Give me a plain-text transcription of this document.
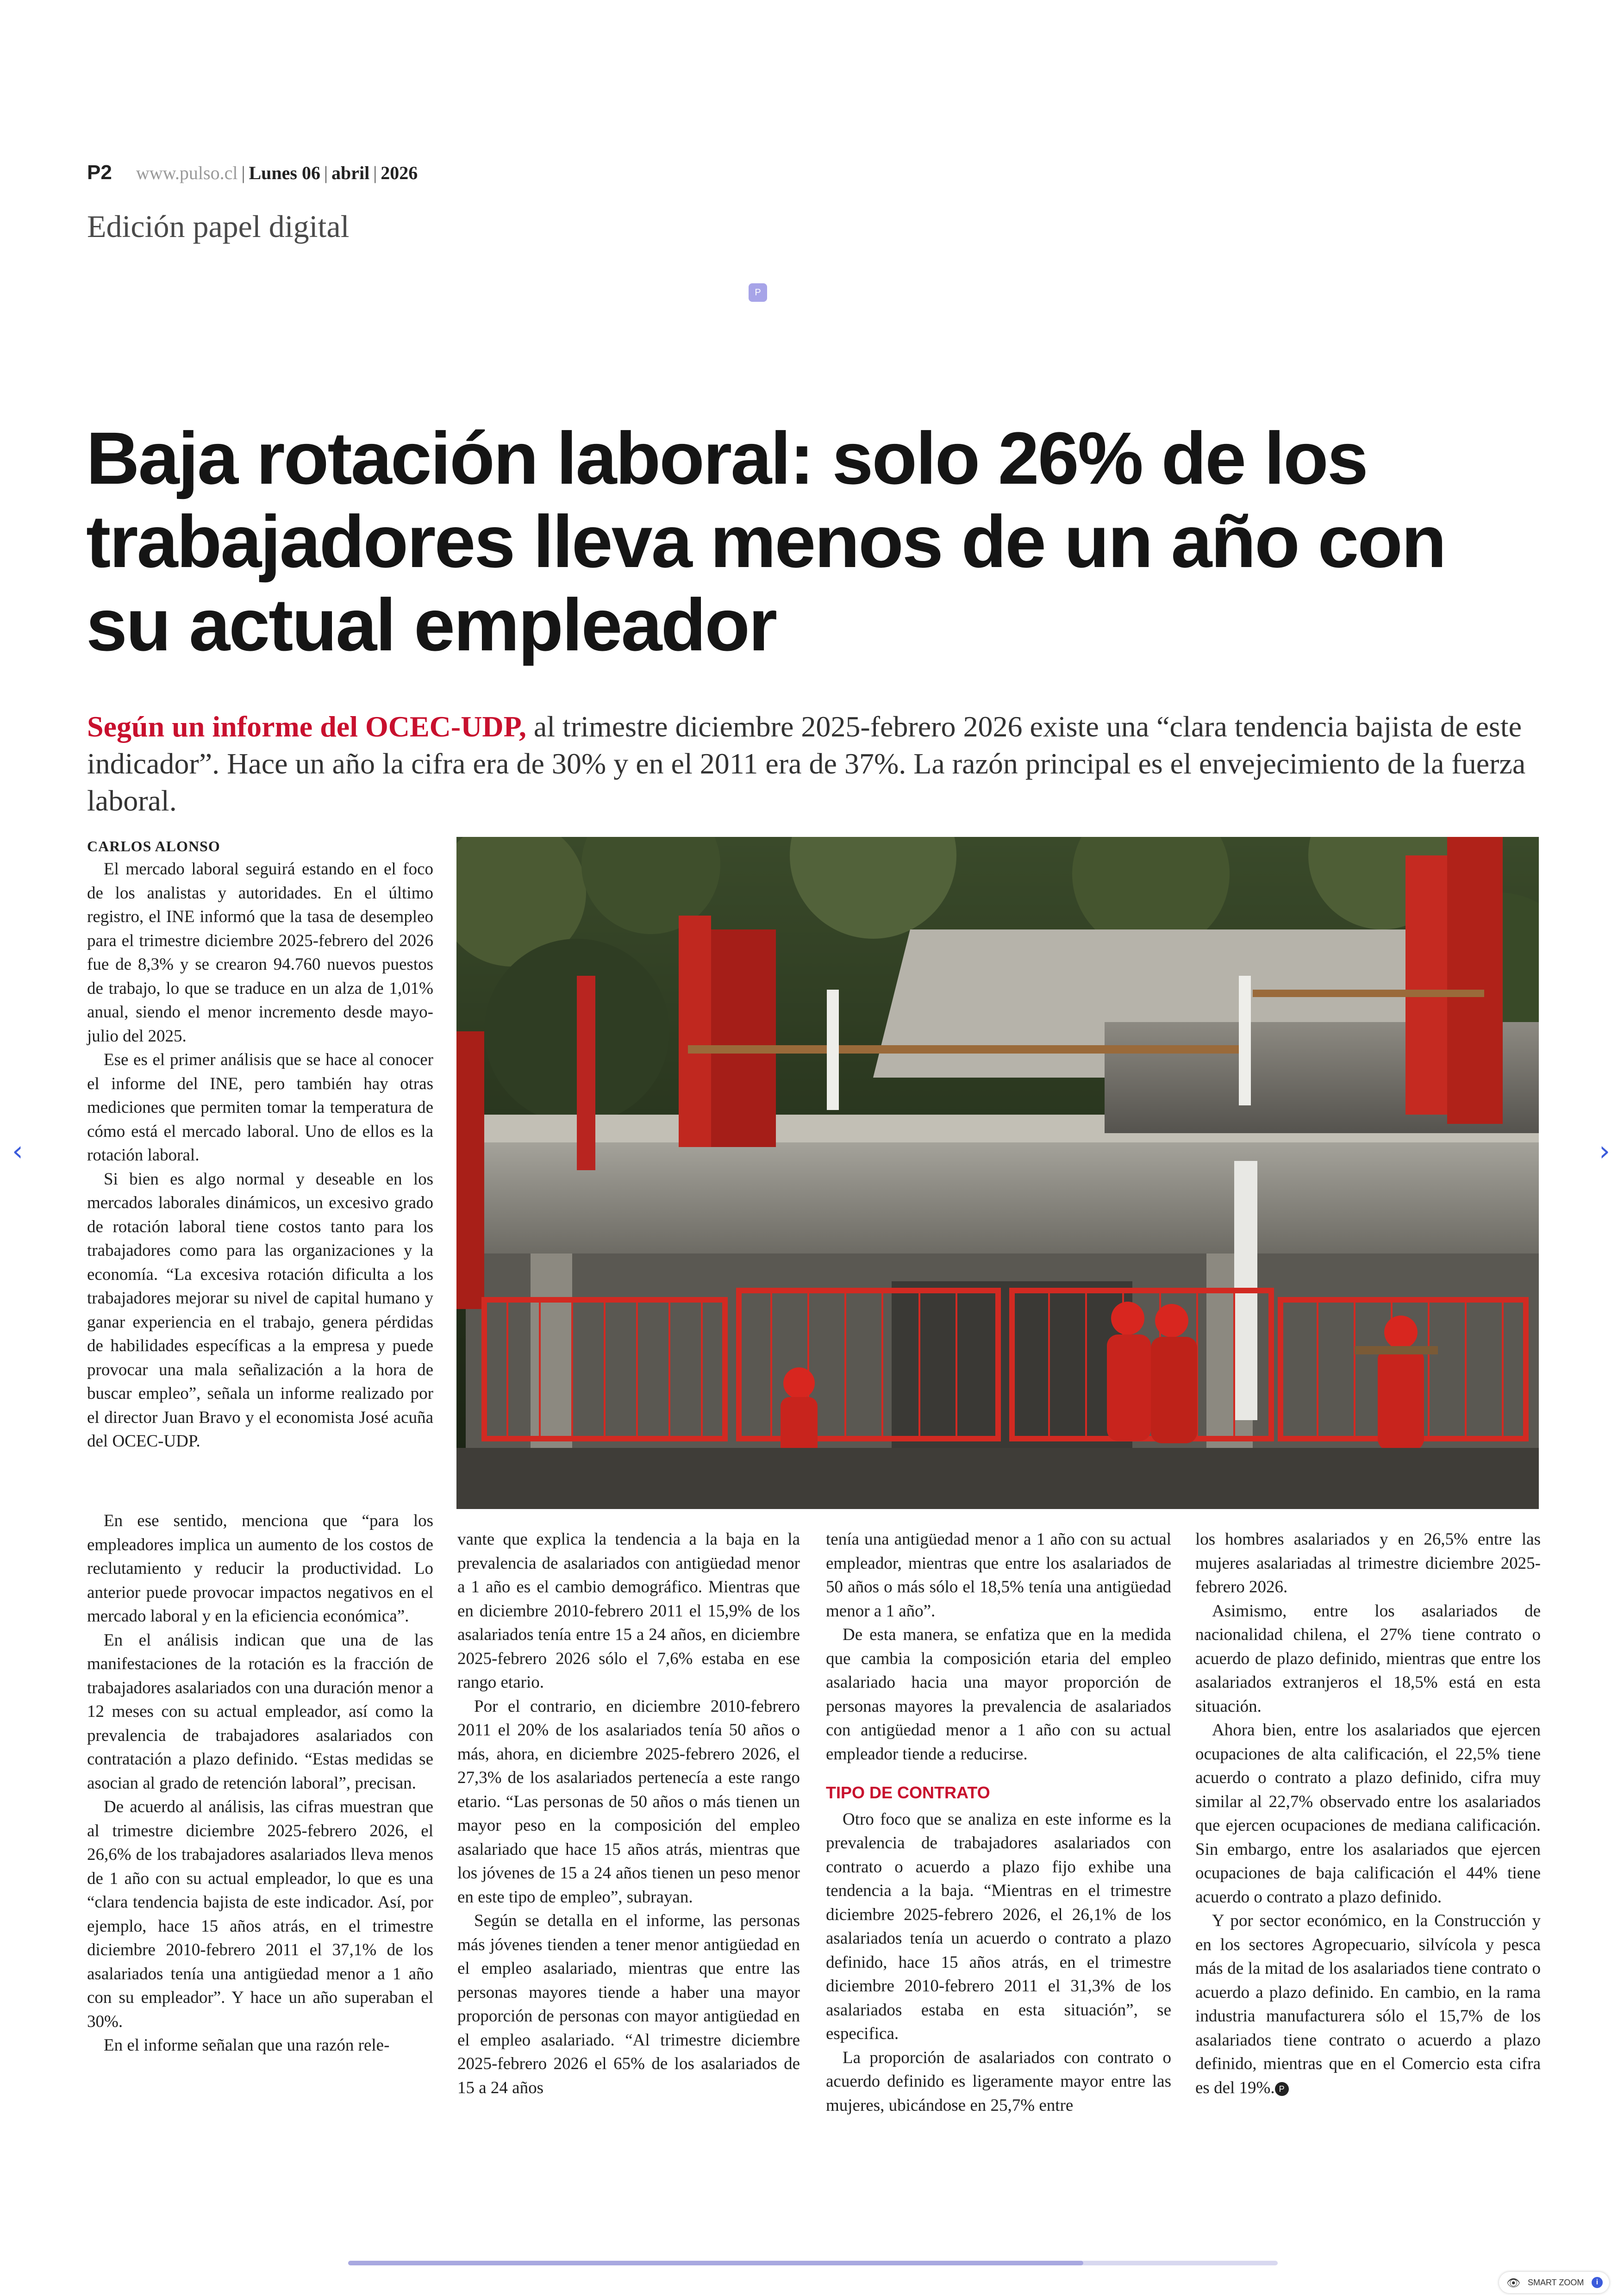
P2 www.pulso.cl | Lunes 06 | abril | 2026
Edición papel digital
P
Baja rotación laboral: solo 26% de los trabajadores lleva menos de un año con su actual empleador

Según un informe del OCEC-UDP, al trimestre diciembre 2025-febrero 2026 existe una “clara tendencia bajista de este indicador”. Hace un año la cifra era de 30% y en el 2011 era de 37%. La razón principal es el envejecimiento de la fuerza laboral.

CARLOS ALONSO

El mercado laboral seguirá estando en el foco de los analistas y autoridades. En el último registro, el INE informó que la tasa de desempleo para el trimestre diciembre 2025-febrero del 2026 fue de 8,3% y se crearon 94.760 nuevos puestos de trabajo, lo que se traduce en un alza de 1,01% anual, siendo el menor incremento desde mayo-julio del 2025.

Ese es el primer análisis que se hace al conocer el informe del INE, pero también hay otras mediciones que permiten tomar la temperatura de cómo está el mercado laboral. Uno de ellos es la rotación laboral.

Si bien es algo normal y deseable en los mercados laborales dinámicos, un excesivo grado de rotación laboral tiene costos tanto para los trabajadores como para las organizaciones y la economía. “La excesiva rotación dificulta a los trabajadores mejorar su nivel de capital humano y ganar experiencia en el trabajo, genera pérdidas de habilidades específicas a la empresa y puede provocar una mala señalización a la hora de buscar empleo”, señala un informe realizado por el director Juan Bravo y el economista José acuña del OCEC-UDP.

En ese sentido, menciona que “para los empleadores implica un aumento de los costos de reclutamiento y reducir la productividad. Lo anterior puede provocar impactos negativos en el mercado laboral y en la eficiencia económica”.

En el análisis indican que una de las manifestaciones de la rotación es la fracción de trabajadores asalariados con una duración menor a 12 meses con su actual empleador, así como la prevalencia de trabajadores asalariados con contratación a plazo definido. “Estas medidas se asocian al grado de retención laboral”, precisan.

De acuerdo al análisis, las cifras muestran que al trimestre diciembre 2025-febrero 2026, el 26,6% de los trabajadores asalariados lleva menos de 1 año con su actual empleador, lo que es una “clara tendencia bajista de este indicador. Así, por ejemplo, hace 15 años atrás, en el trimestre diciembre 2010-febrero 2011 el 37,1% de los asalariados tenía una antigüedad menor a 1 año con su empleador”. Y hace un año superaban el 30%.

En el informe señalan que una razón rele-

vante que explica la tendencia a la baja en la prevalencia de asalariados con antigüedad menor a 1 año es el cambio demográfico. Mientras que en diciembre 2010-febrero 2011 el 15,9% de los asalariados tenía entre 15 a 24 años, en diciembre 2025-febrero 2026 sólo el 7,6% estaba en ese rango etario.

Por el contrario, en diciembre 2010-febrero 2011 el 20% de los asalariados tenía 50 años o más, ahora, en diciembre 2025-febrero 2026, el 27,3% de los asalariados pertenecía a este rango etario. “Las personas de 50 años o más tienen un mayor peso en la composición del empleo asalariado que hace 15 años atrás, mientras que los jóvenes de 15 a 24 años tienen un peso menor en este tipo de empleo”, subrayan.

Según se detalla en el informe, las personas más jóvenes tienden a tener menor antigüedad en el empleo asalariado, mientras que entre las personas mayores tiende a haber una mayor proporción de personas con mayor antigüedad en el empleo asalariado. “Al trimestre diciembre 2025-febrero 2026 el 65% de los asalariados de 15 a 24 años

tenía una antigüedad menor a 1 año con su actual empleador, mientras que entre los asalariados de 50 años o más sólo el 18,5% tenía una antigüedad menor a 1 año”.

De esta manera, se enfatiza que en la medida que cambia la composición etaria del empleo asalariado hacia una mayor proporción de personas mayores la prevalencia de asalariados con antigüedad menor a 1 año con su actual empleador tiende a reducirse.

TIPO DE CONTRATO

Otro foco que se analiza en este informe es la prevalencia de trabajadores asalariados con contrato o acuerdo a plazo fijo exhibe una tendencia a la baja. “Mientras en el trimestre diciembre 2025-febrero 2026, el 26,1% de los asalariados tenía un acuerdo o contrato a plazo definido, hace 15 años atrás, en el trimestre diciembre 2010-febrero 2011 el 31,3% de los asalariados estaba en esta situación”, se especifica.

La proporción de asalariados con contrato o acuerdo definido es ligeramente mayor entre las mujeres, ubicándose en 25,7% entre

los hombres asalariados y en 26,5% entre las mujeres asalariadas al trimestre diciembre 2025-febrero 2026.

Asimismo, entre los asalariados de nacionalidad chilena, el 27% tiene contrato o acuerdo de plazo definido, mientras que entre los asalariados extranjeros el 18,5% está en esta situación.

Ahora bien, entre los asalariados que ejercen ocupaciones de alta calificación, el 22,5% tiene acuerdo o contrato a plazo definido, cifra muy similar al 22,7% observado entre los asalariados que ejercen ocupaciones de mediana calificación. Sin embargo, entre los asalariados que ejercen ocupaciones de baja calificación el 44% tiene acuerdo o contrato a plazo definido.

Y por sector económico, en la Construcción y en los sectores Agropecuario, silvícola y pesca más de la mitad de los asalariados tiene contrato o acuerdo a plazo definido. En cambio, en la rama industria manufacturera sólo el 15,7% de los asalariados tiene contrato o acuerdo a plazo definido, mientras que en el Comercio esta cifra es del 19%. P

‹	›
👁 SMART ZOOM	i
